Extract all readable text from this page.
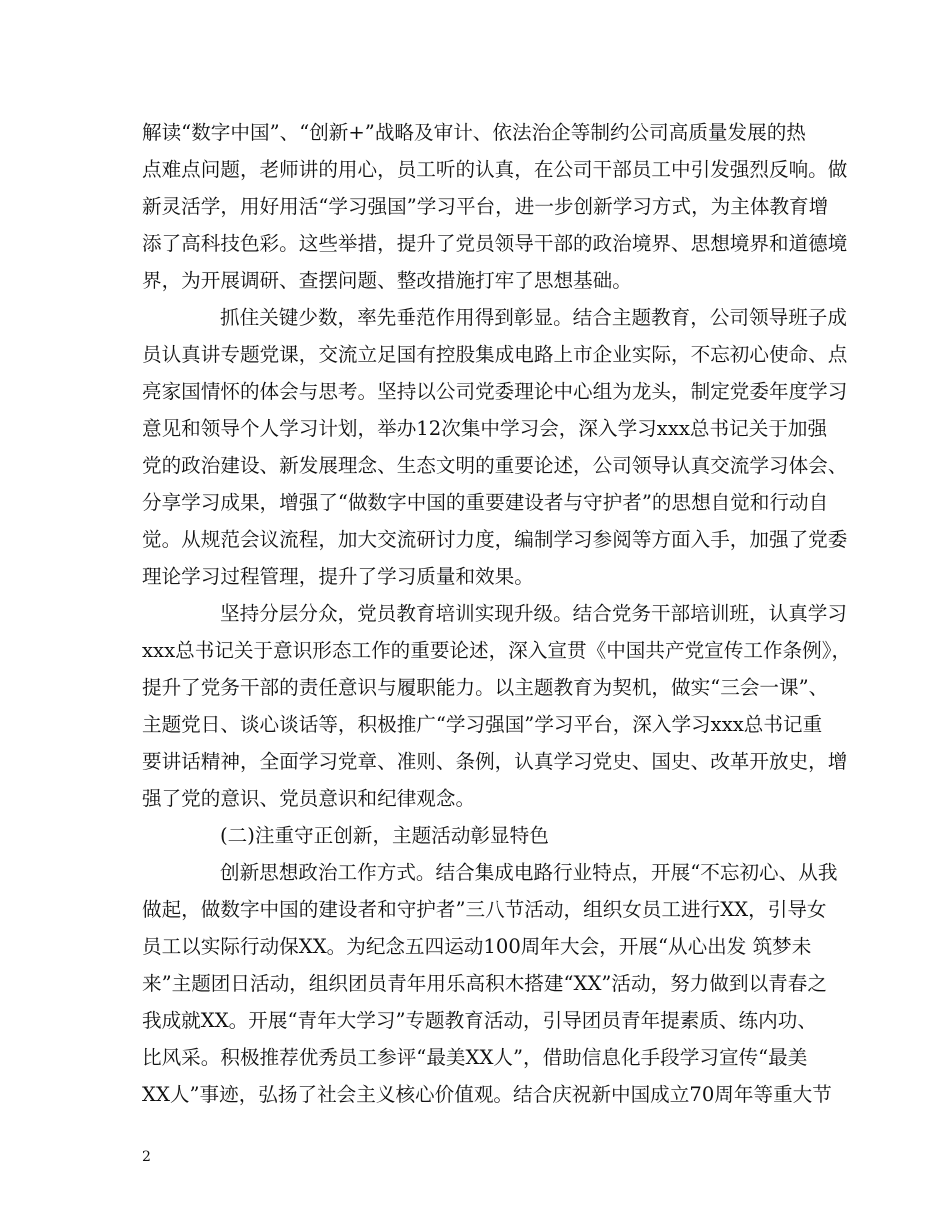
解读“数字中国”、“创新+”战略及审计、依法治企等制约公司高质量发展的热
点难点问题，老师讲的用心，员工听的认真，在公司干部员工中引发强烈反响。做
新灵活学，用好用活“学习强国”学习平台，进一步创新学习方式，为主体教育增
添了高科技色彩。这些举措，提升了党员领导干部的政治境界、思想境界和道德境
界，为开展调研、查摆问题、整改措施打牢了思想基础。
抓住关键少数，率先垂范作用得到彰显。结合主题教育，公司领导班子成
员认真讲专题党课，交流立足国有控股集成电路上市企业实际，不忘初心使命、点
亮家国情怀的体会与思考。坚持以公司党委理论中心组为龙头，制定党委年度学习
意见和领导个人学习计划，举办12次集中学习会，深入学习xxx总书记关于加强
党的政治建设、新发展理念、生态文明的重要论述，公司领导认真交流学习体会、
分享学习成果，增强了“做数字中国的重要建设者与守护者”的思想自觉和行动自
觉。从规范会议流程，加大交流研讨力度，编制学习参阅等方面入手，加强了党委
理论学习过程管理，提升了学习质量和效果。
坚持分层分众，党员教育培训实现升级。结合党务干部培训班，认真学习
xxx总书记关于意识形态工作的重要论述，深入宣贯《中国共产党宣传工作条例》，
提升了党务干部的责任意识与履职能力。以主题教育为契机，做实“三会一课”、
主题党日、谈心谈话等，积极推广“学习强国”学习平台，深入学习xxx总书记重
要讲话精神，全面学习党章、准则、条例，认真学习党史、国史、改革开放史，增
强了党的意识、党员意识和纪律观念。
(二)注重守正创新，主题活动彰显特色
创新思想政治工作方式。结合集成电路行业特点，开展“不忘初心、从我
做起，做数字中国的建设者和守护者”三八节活动，组织女员工进行XX，引导女
员工以实际行动保XX。为纪念五四运动100周年大会，开展“从心出发 筑梦未
来”主题团日活动，组织团员青年用乐高积木搭建“XX”活动，努力做到以青春之
我成就XX。开展“青年大学习”专题教育活动，引导团员青年提素质、练内功、
比风采。积极推荐优秀员工参评“最美XX人”，借助信息化手段学习宣传“最美
XX人”事迹，弘扬了社会主义核心价值观。结合庆祝新中国成立70周年等重大节
2
